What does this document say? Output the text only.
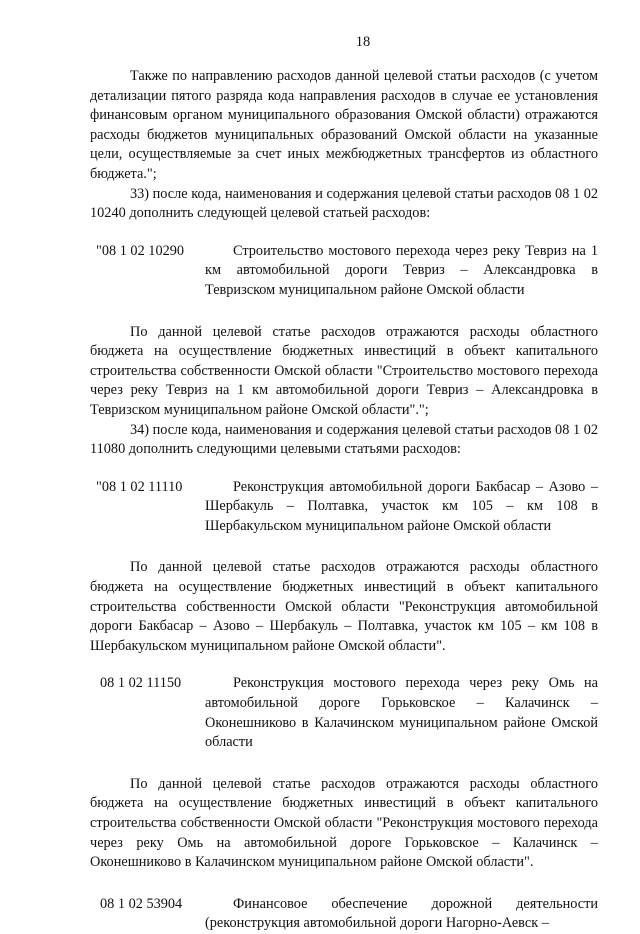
18

Также по направлению расходов данной целевой статьи расходов (с учетом детализации пятого разряда кода направления расходов в случае ее установления финансовым органом муниципального образования Омской области) отражаются расходы бюджетов муниципальных образований Омской области на указанные цели, осуществляемые за счет иных межбюджетных трансфертов из областного бюджета.";

33) после кода, наименования и содержания целевой статьи расходов 08 1 02 10240 дополнить следующей целевой статьей расходов:

"08 1 02 10290	Строительство мостового перехода через реку Тевриз на 1 км автомобильной дороги Тевриз – Александровка в Тевризском муниципальном районе Омской области

По данной целевой статье расходов отражаются расходы областного бюджета на осуществление бюджетных инвестиций в объект капитального строительства собственности Омской области "Строительство мостового перехода через реку Тевриз на 1 км автомобильной дороги Тевриз – Александровка в Тевризском муниципальном районе Омской области".";

34) после кода, наименования и содержания целевой статьи расходов 08 1 02 11080 дополнить следующими целевыми статьями расходов:

"08 1 02 11110	Реконструкция автомобильной дороги Бакбасар – Азово – Шербакуль – Полтавка, участок км 105 – км 108 в Шербакульском муниципальном районе Омской области

По данной целевой статье расходов отражаются расходы областного бюджета на осуществление бюджетных инвестиций в объект капитального строительства собственности Омской области "Реконструкция автомобильной дороги Бакбасар – Азово – Шербакуль – Полтавка, участок км 105 – км 108 в Шербакульском муниципальном районе Омской области".

08 1 02 11150	Реконструкция мостового перехода через реку Омь на автомобильной дороге Горьковское – Калачинск – Оконешниково в Калачинском муниципальном районе Омской области

По данной целевой статье расходов отражаются расходы областного бюджета на осуществление бюджетных инвестиций в объект капитального строительства собственности Омской области "Реконструкция мостового перехода через реку Омь на автомобильной дороге Горьковское – Калачинск – Оконешниково в Калачинском муниципальном районе Омской области".

08 1 02 53904	Финансовое обеспечение дорожной деятельности (реконструкция автомобильной дороги Нагорно-Аевск –
